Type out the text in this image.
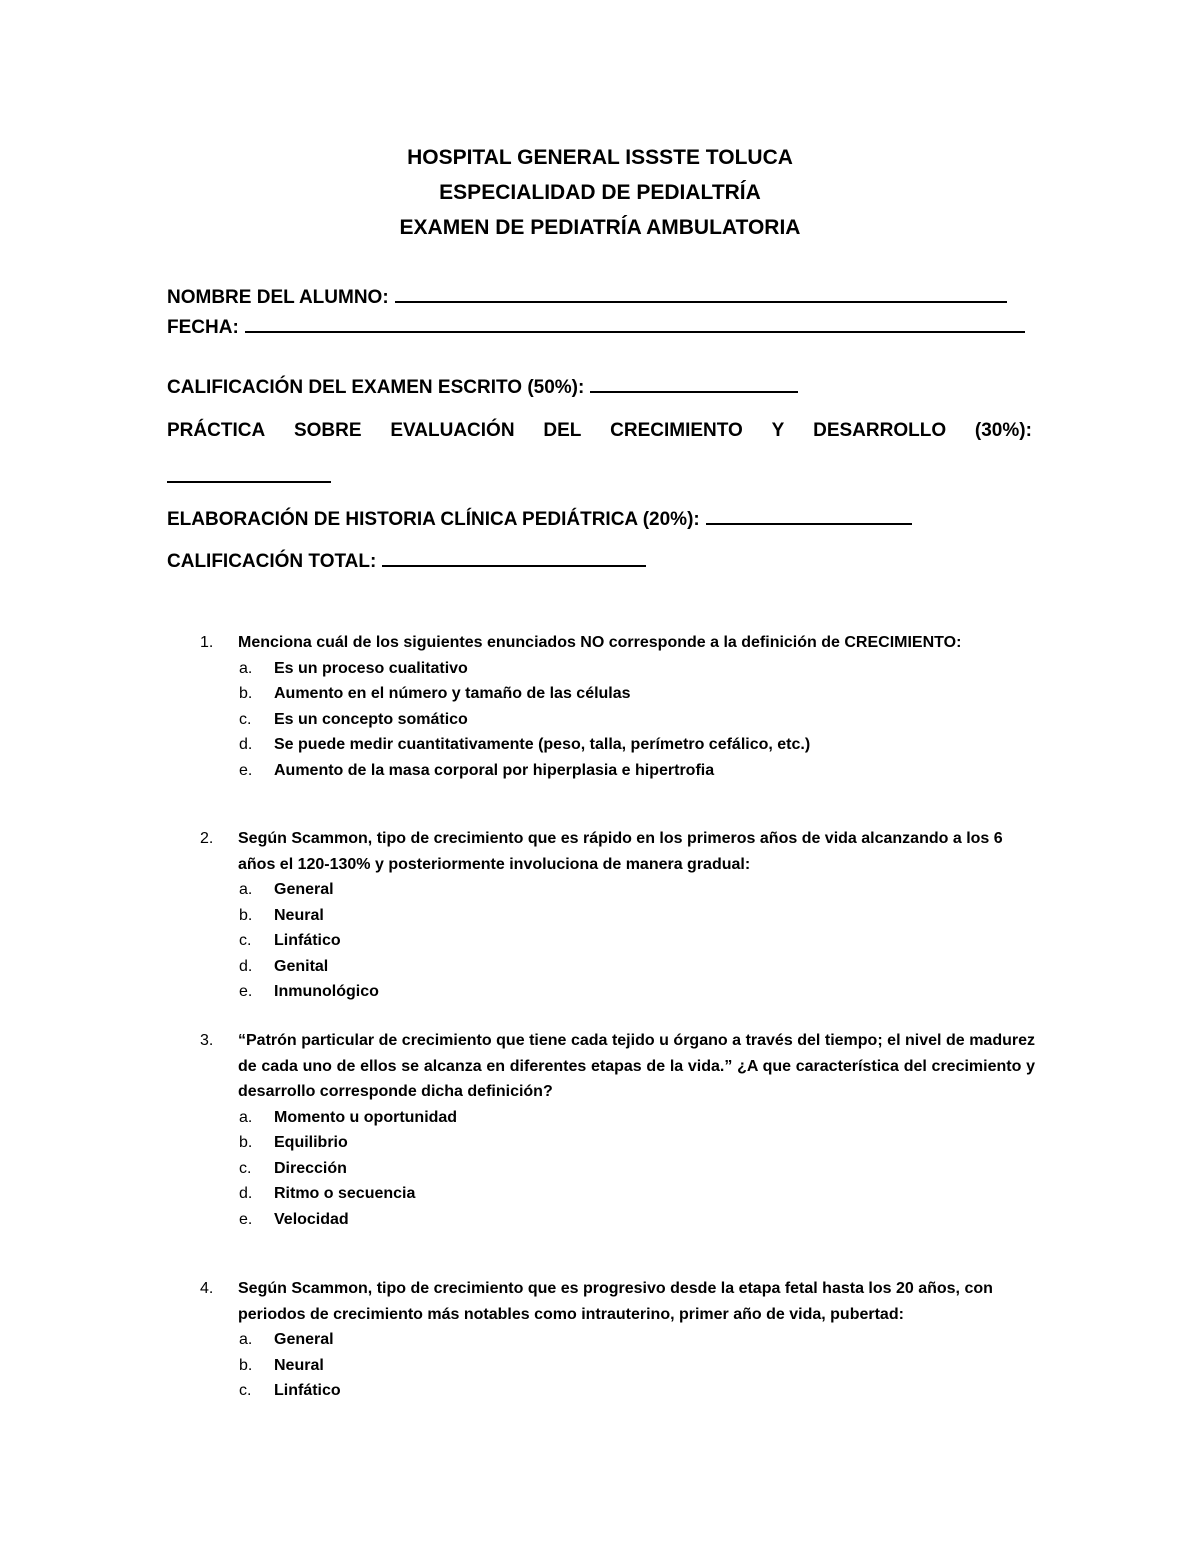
HOSPITAL GENERAL ISSSTE TOLUCA
ESPECIALIDAD DE PEDIALTRÍA
EXAMEN DE PEDIATRÍA AMBULATORIA
NOMBRE DEL ALUMNO:
FECHA:
CALIFICACIÓN DEL EXAMEN ESCRITO (50%):
PRÁCTICA SOBRE EVALUACIÓN DEL CRECIMIENTO Y DESARROLLO (30%):
ELABORACIÓN DE HISTORIA CLÍNICA PEDIÁTRICA (20%):
CALIFICACIÓN TOTAL:
1.	Menciona cuál de los siguientes enunciados NO corresponde a la definición de CRECIMIENTO:
a. Es un proceso cualitativo
b. Aumento en el número y tamaño de las células
c. Es un concepto somático
d. Se puede medir cuantitativamente (peso, talla, perímetro cefálico, etc.)
e. Aumento de la masa corporal por hiperplasia e hipertrofia
2.	Según Scammon, tipo de crecimiento que es rápido en los primeros años de vida alcanzando a los 6 años el 120-130% y posteriormente involuciona de manera gradual:
a. General
b. Neural
c. Linfático
d. Genital
e. Inmunológico
3.	“Patrón particular de crecimiento que tiene cada tejido u órgano a través del tiempo; el nivel de madurez de cada uno de ellos se alcanza en diferentes etapas de la vida.” ¿A que característica del crecimiento y desarrollo corresponde dicha definición?
a. Momento u oportunidad
b. Equilibrio
c. Dirección
d. Ritmo o secuencia
e. Velocidad
4.	Según Scammon, tipo de crecimiento que es progresivo desde la etapa fetal hasta los 20 años, con periodos de crecimiento más notables como intrauterino, primer año de vida, pubertad:
a. General
b. Neural
c. Linfático
